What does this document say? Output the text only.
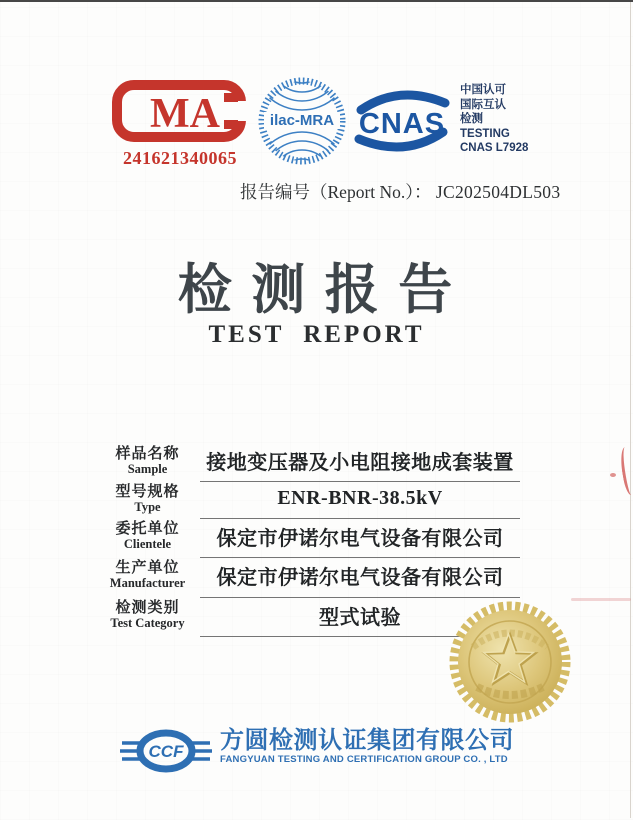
MA
241621340065
ilac-MRA CNAS
中国认可
国际互认
检测
TESTING
CNAS L7928
报告编号（Report No.）： JC202504DL503
检 测 报 告
TEST REPORT
样品名称
Sample	接地变压器及小电阻接地成套装置
型号规格
Type	ENR-BNR-38.5kV
委托单位
Clientele	保定市伊诺尔电气设备有限公司
生产单位
Manufacturer	保定市伊诺尔电气设备有限公司
检测类别
Test Category	型式试验
CCF 方圆检测认证集团有限公司
FANGYUAN TESTING AND CERTIFICATION GROUP CO. , LTD
